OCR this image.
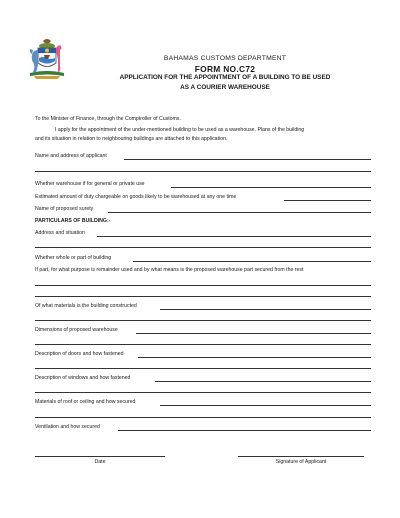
BAHAMAS CUSTOMS DEPARTMENT
FORM NO.C72
APPLICATION FOR THE APPOINTMENT OF A BUILDING TO BE USED
AS A COURIER WAREHOUSE
To the Minister of Finance, through the Comptroller of Customs.
I apply for the appointment of the under-mentioned building to be used as a warehouse. Plans of the building
and its situation in relation to neighbouring buildings are attached to this application.
Name and address of applicant
Whether warehouse if for general or private use
Estimated amount of duty chargeable on goods likely to be warehoused at any one time
Name of proposed surety
PARTICULARS OF BUILDING:-
Address and situation
Whether whole or part of building
If part, for what purpose is remainder used and by what means is the proposed warehouse part secured from the rest
Of what materials is the building constructed
Dimensions of proposed warehouse
Description of doors and how fastened
Description of windows and how fastened
Materials of roof or ceiling and how secured
Ventilation and how secured
Date	Signature of Applicant
